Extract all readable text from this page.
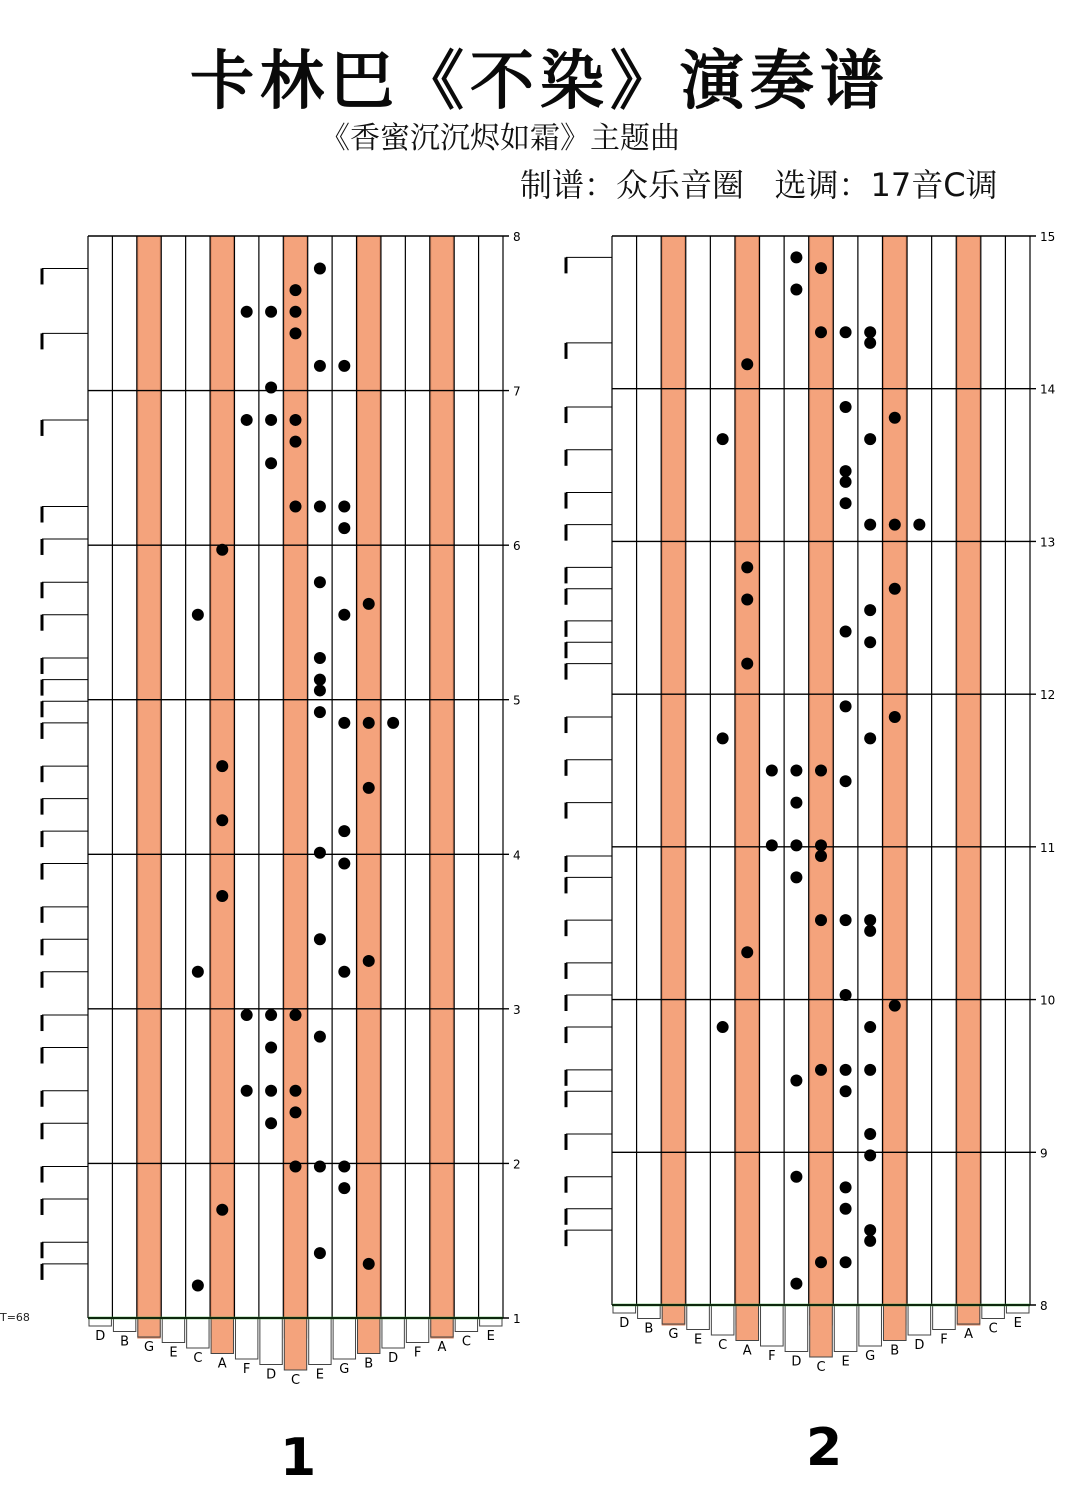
卡林巴《不染》演奏谱
《香蜜沉沉烬如霜》主题曲
制谱：众乐音圈   选调：17音C调
T=68
1	2
8
7
6
5
4
3
2
1
D B G E C A F D C E G B D F A C E
15
14
13
12
11
10
9
8
D B G E C A F D C E G B D F A C E
